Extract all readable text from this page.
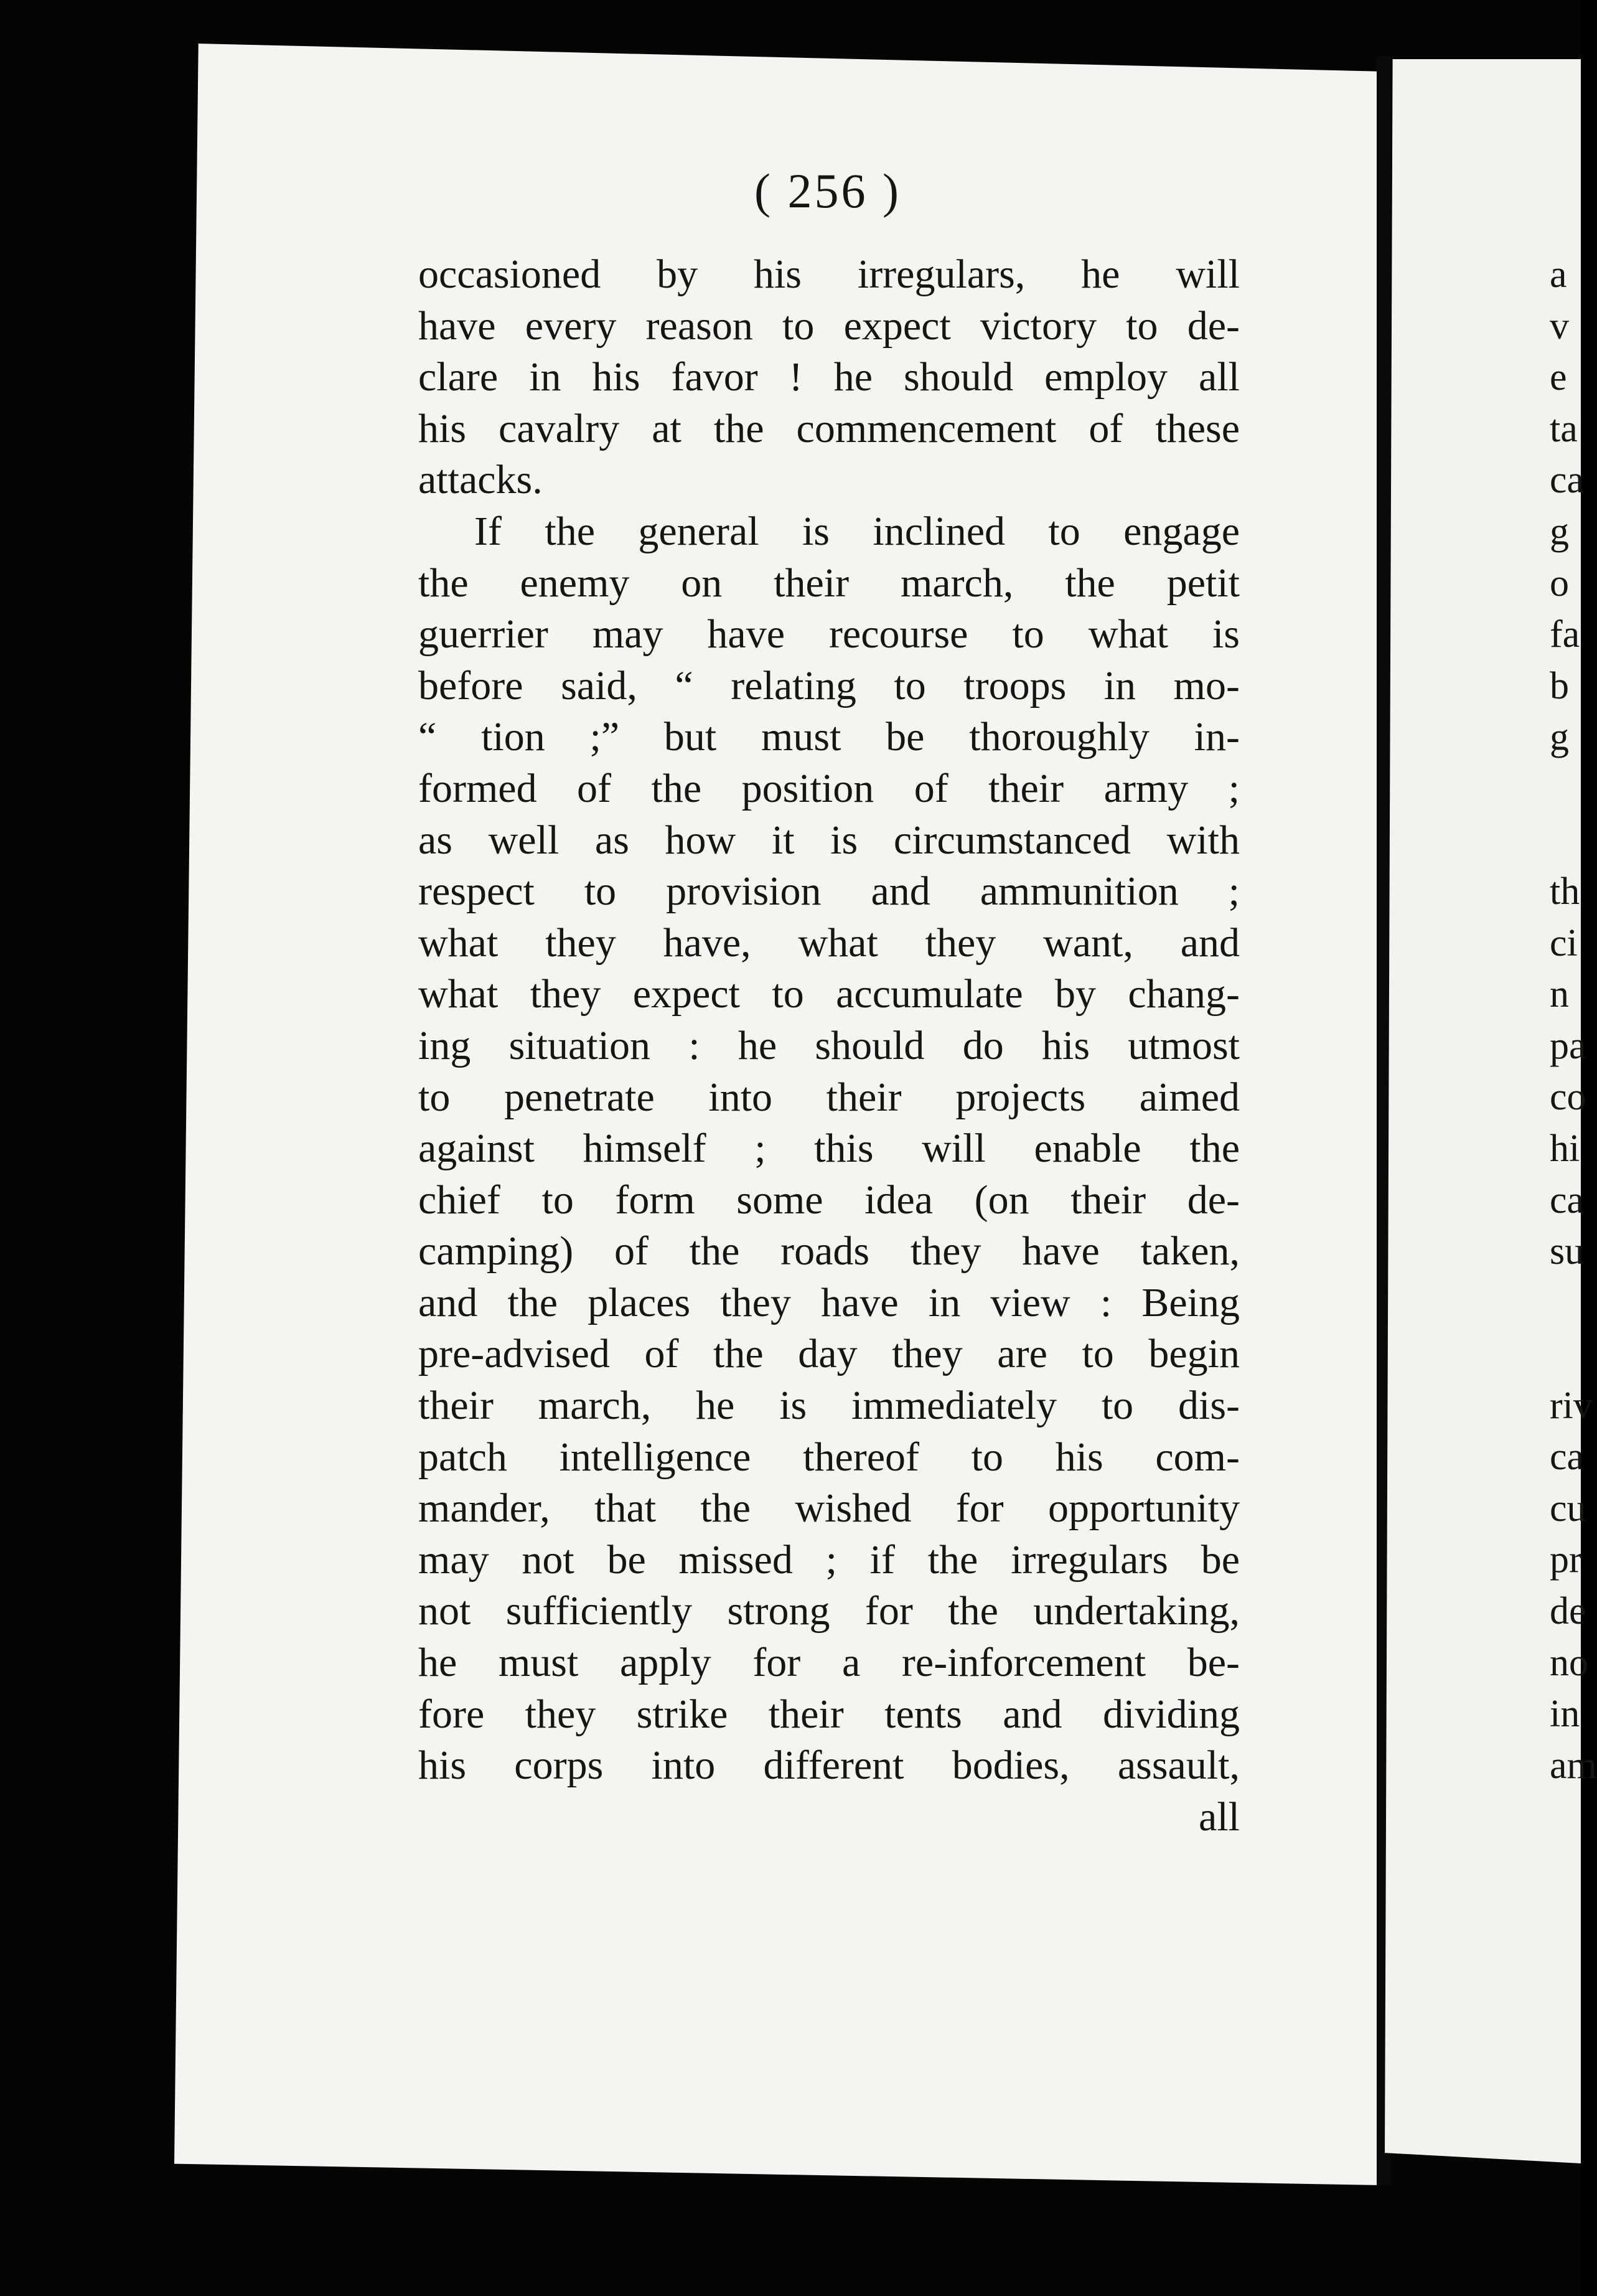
( 256 )
occasioned by his irregulars, he will
have every reason to expect victory to de-
clare in his favor ! he should employ all
his cavalry at the commencement of these
attacks.
If the general is inclined to engage
the enemy on their march, the petit
guerrier may have recourse to what is
before said, “ relating to troops in mo-
“ tion ;” but must be thoroughly in-
formed of the position of their army ;
as well as how it is circumstanced with
respect to provision and ammunition ;
what they have, what they want, and
what they expect to accumulate by chang-
ing situation : he should do his utmost
to penetrate into their projects aimed
against himself ; this will enable the
chief to form some idea (on their de-
camping) of the roads they have taken,
and the places they have in view : Being
pre-advised of the day they are to begin
their march, he is immediately to dis-
patch intelligence thereof to his com-
mander, that the wished for opportunity
may not be missed ; if the irregulars be
not sufficiently strong for the undertaking,
he must apply for a re-inforcement be-
fore they strike their tents and dividing
his corps into different bodies, assault,
all
a
v
e
ta
ca
g
o
fa
b
g
th
ci
n
pa
co
hi
ca
su
riv
ca
cu
pr
de
no
in
am
